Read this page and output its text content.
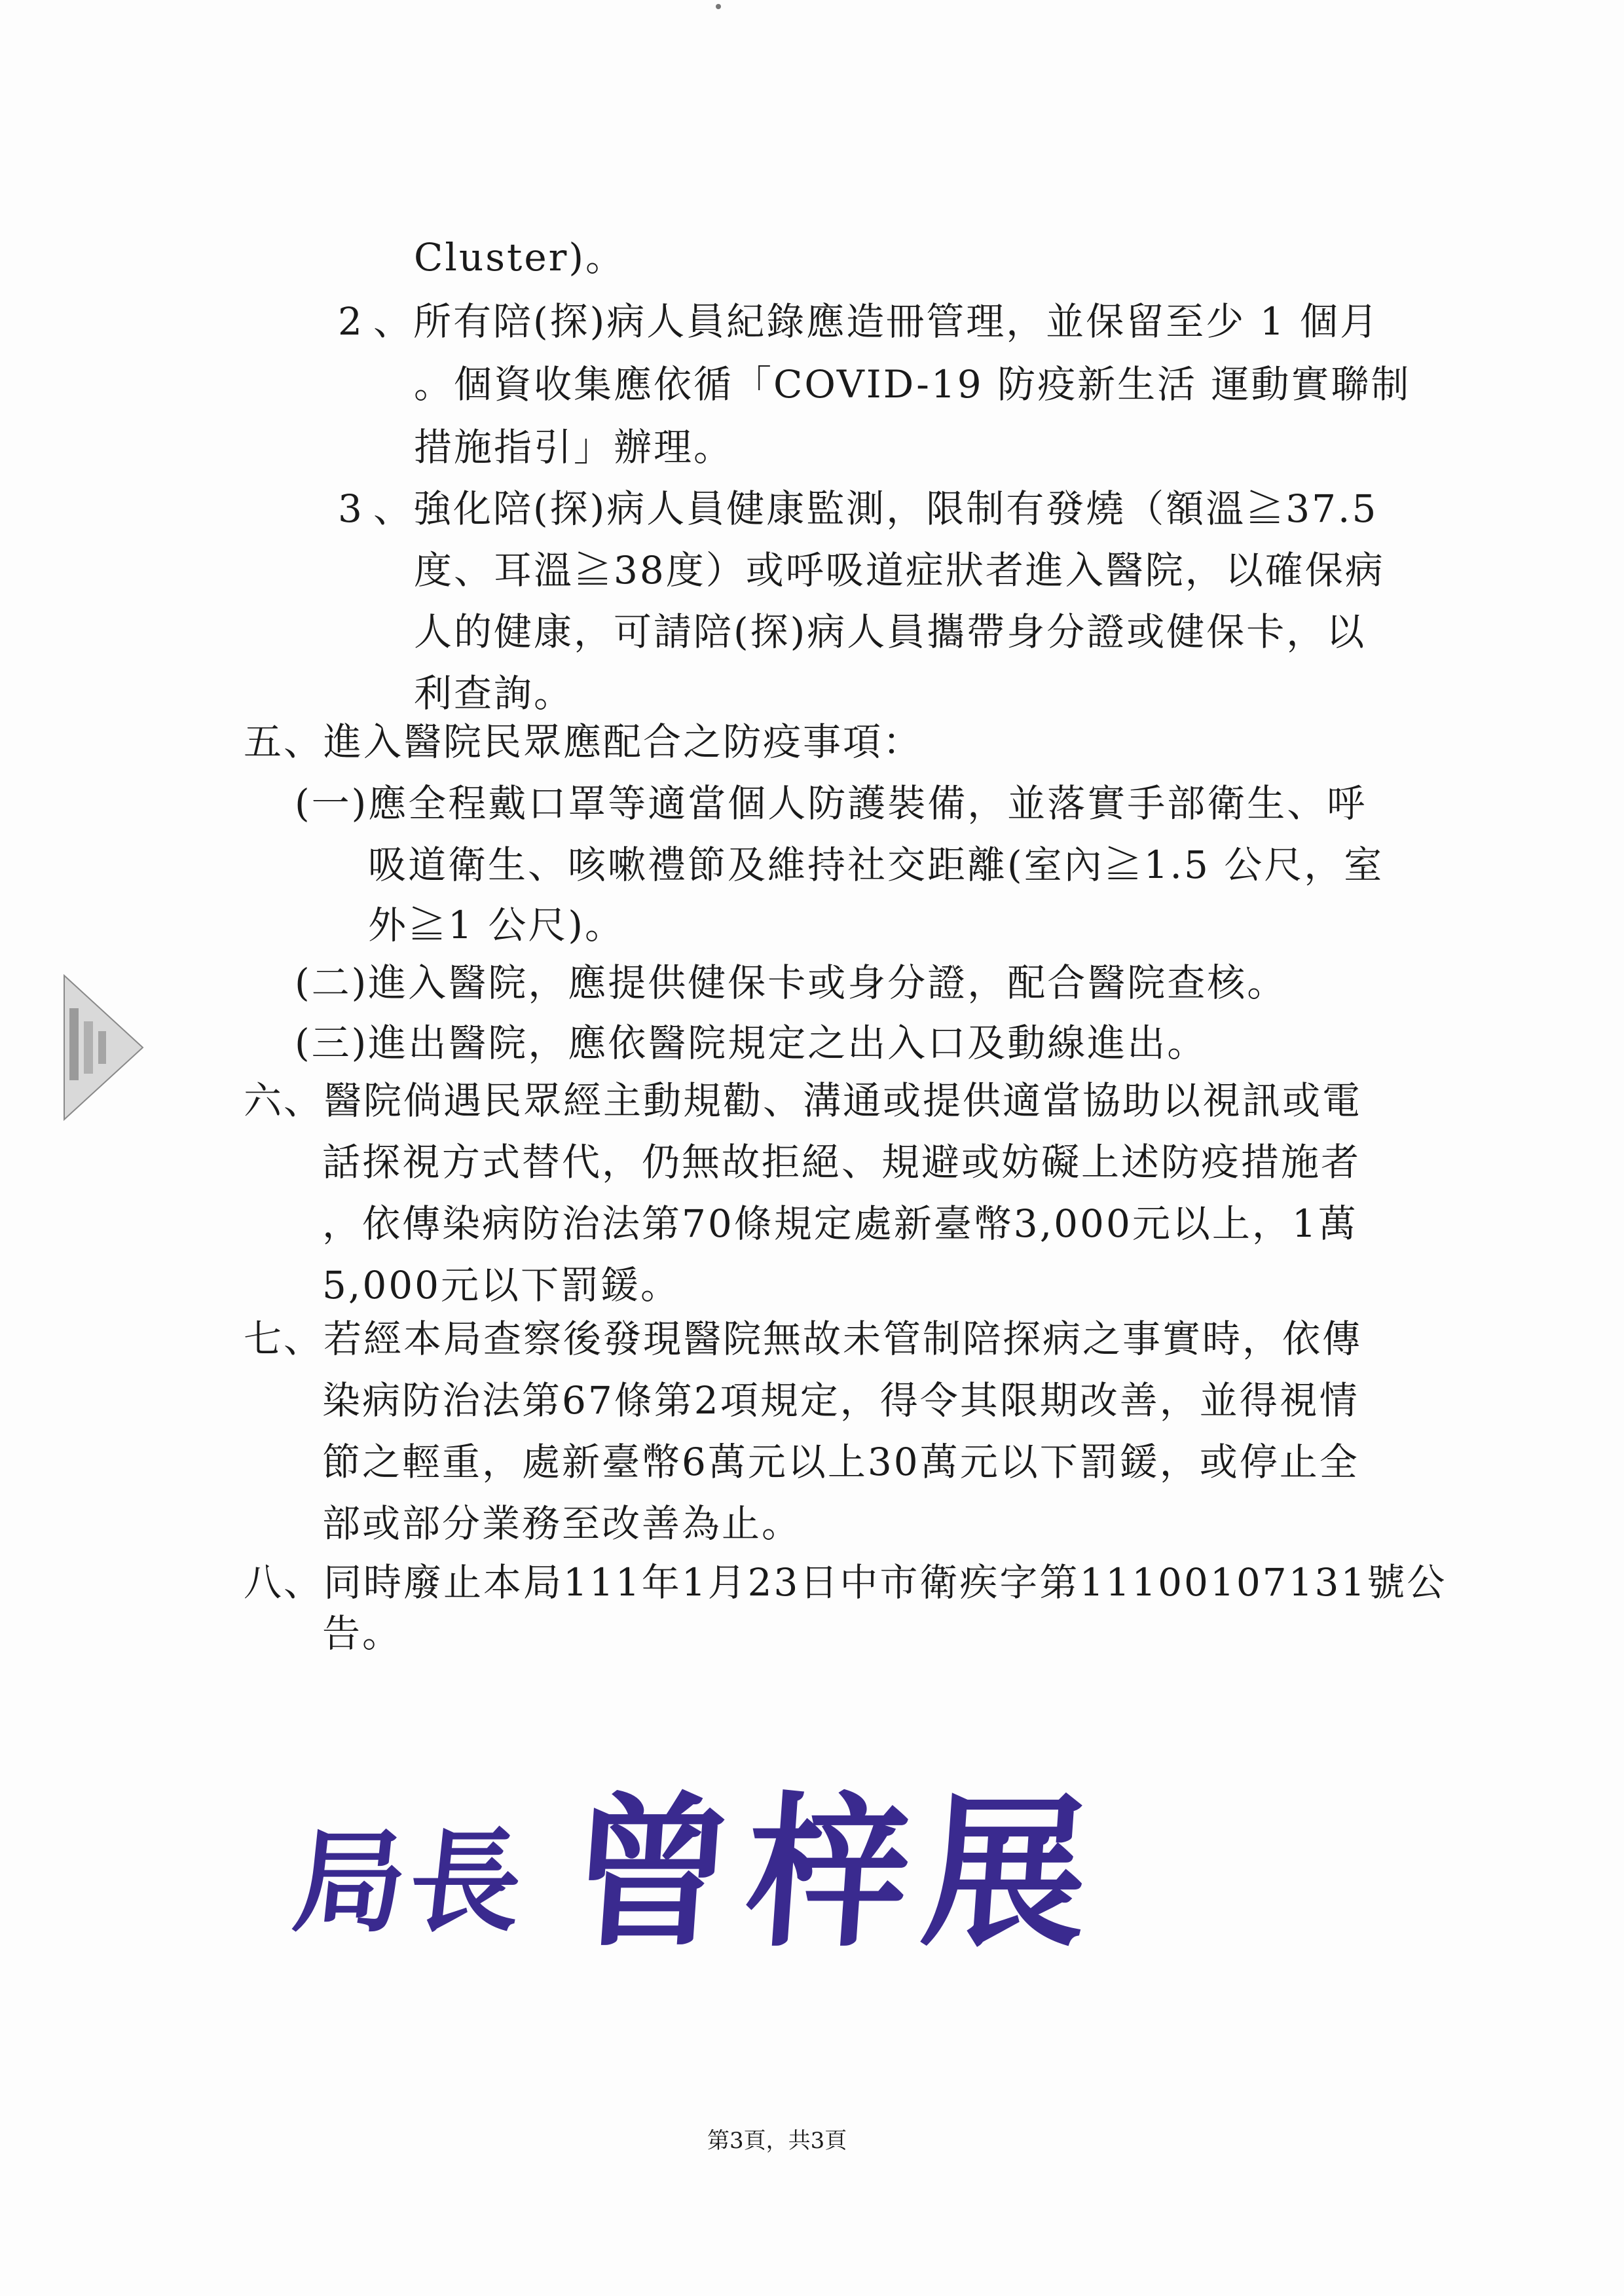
Cluster)。
2 、所有陪(探)病人員紀錄應造冊管理，並保留至少 1 個月
。個資收集應依循「COVID-19 防疫新生活 運動實聯制
措施指引」辦理。
3 、強化陪(探)病人員健康監測，限制有發燒（額溫≧37.5
度、耳溫≧38度）或呼吸道症狀者進入醫院，以確保病
人的健康，可請陪(探)病人員攜帶身分證或健保卡，以
利查詢。
五、進入醫院民眾應配合之防疫事項：
(一)應全程戴口罩等適當個人防護裝備，並落實手部衛生、呼
吸道衛生、咳嗽禮節及維持社交距離(室內≧1.5 公尺，室
外≧1 公尺)。
(二)進入醫院，應提供健保卡或身分證，配合醫院查核。
(三)進出醫院，應依醫院規定之出入口及動線進出。
六、醫院倘遇民眾經主動規勸、溝通或提供適當協助以視訊或電
話探視方式替代，仍無故拒絕、規避或妨礙上述防疫措施者
，依傳染病防治法第70條規定處新臺幣3,000元以上，1萬
5,000元以下罰鍰。
七、若經本局查察後發現醫院無故未管制陪探病之事實時，依傳
染病防治法第67條第2項規定，得令其限期改善，並得視情
節之輕重，處新臺幣6萬元以上30萬元以下罰鍰，或停止全
部或部分業務至改善為止。
八、同時廢止本局111年1月23日中市衛疾字第11100107131號公
告。
局長 曾梓展
第3頁，共3頁
